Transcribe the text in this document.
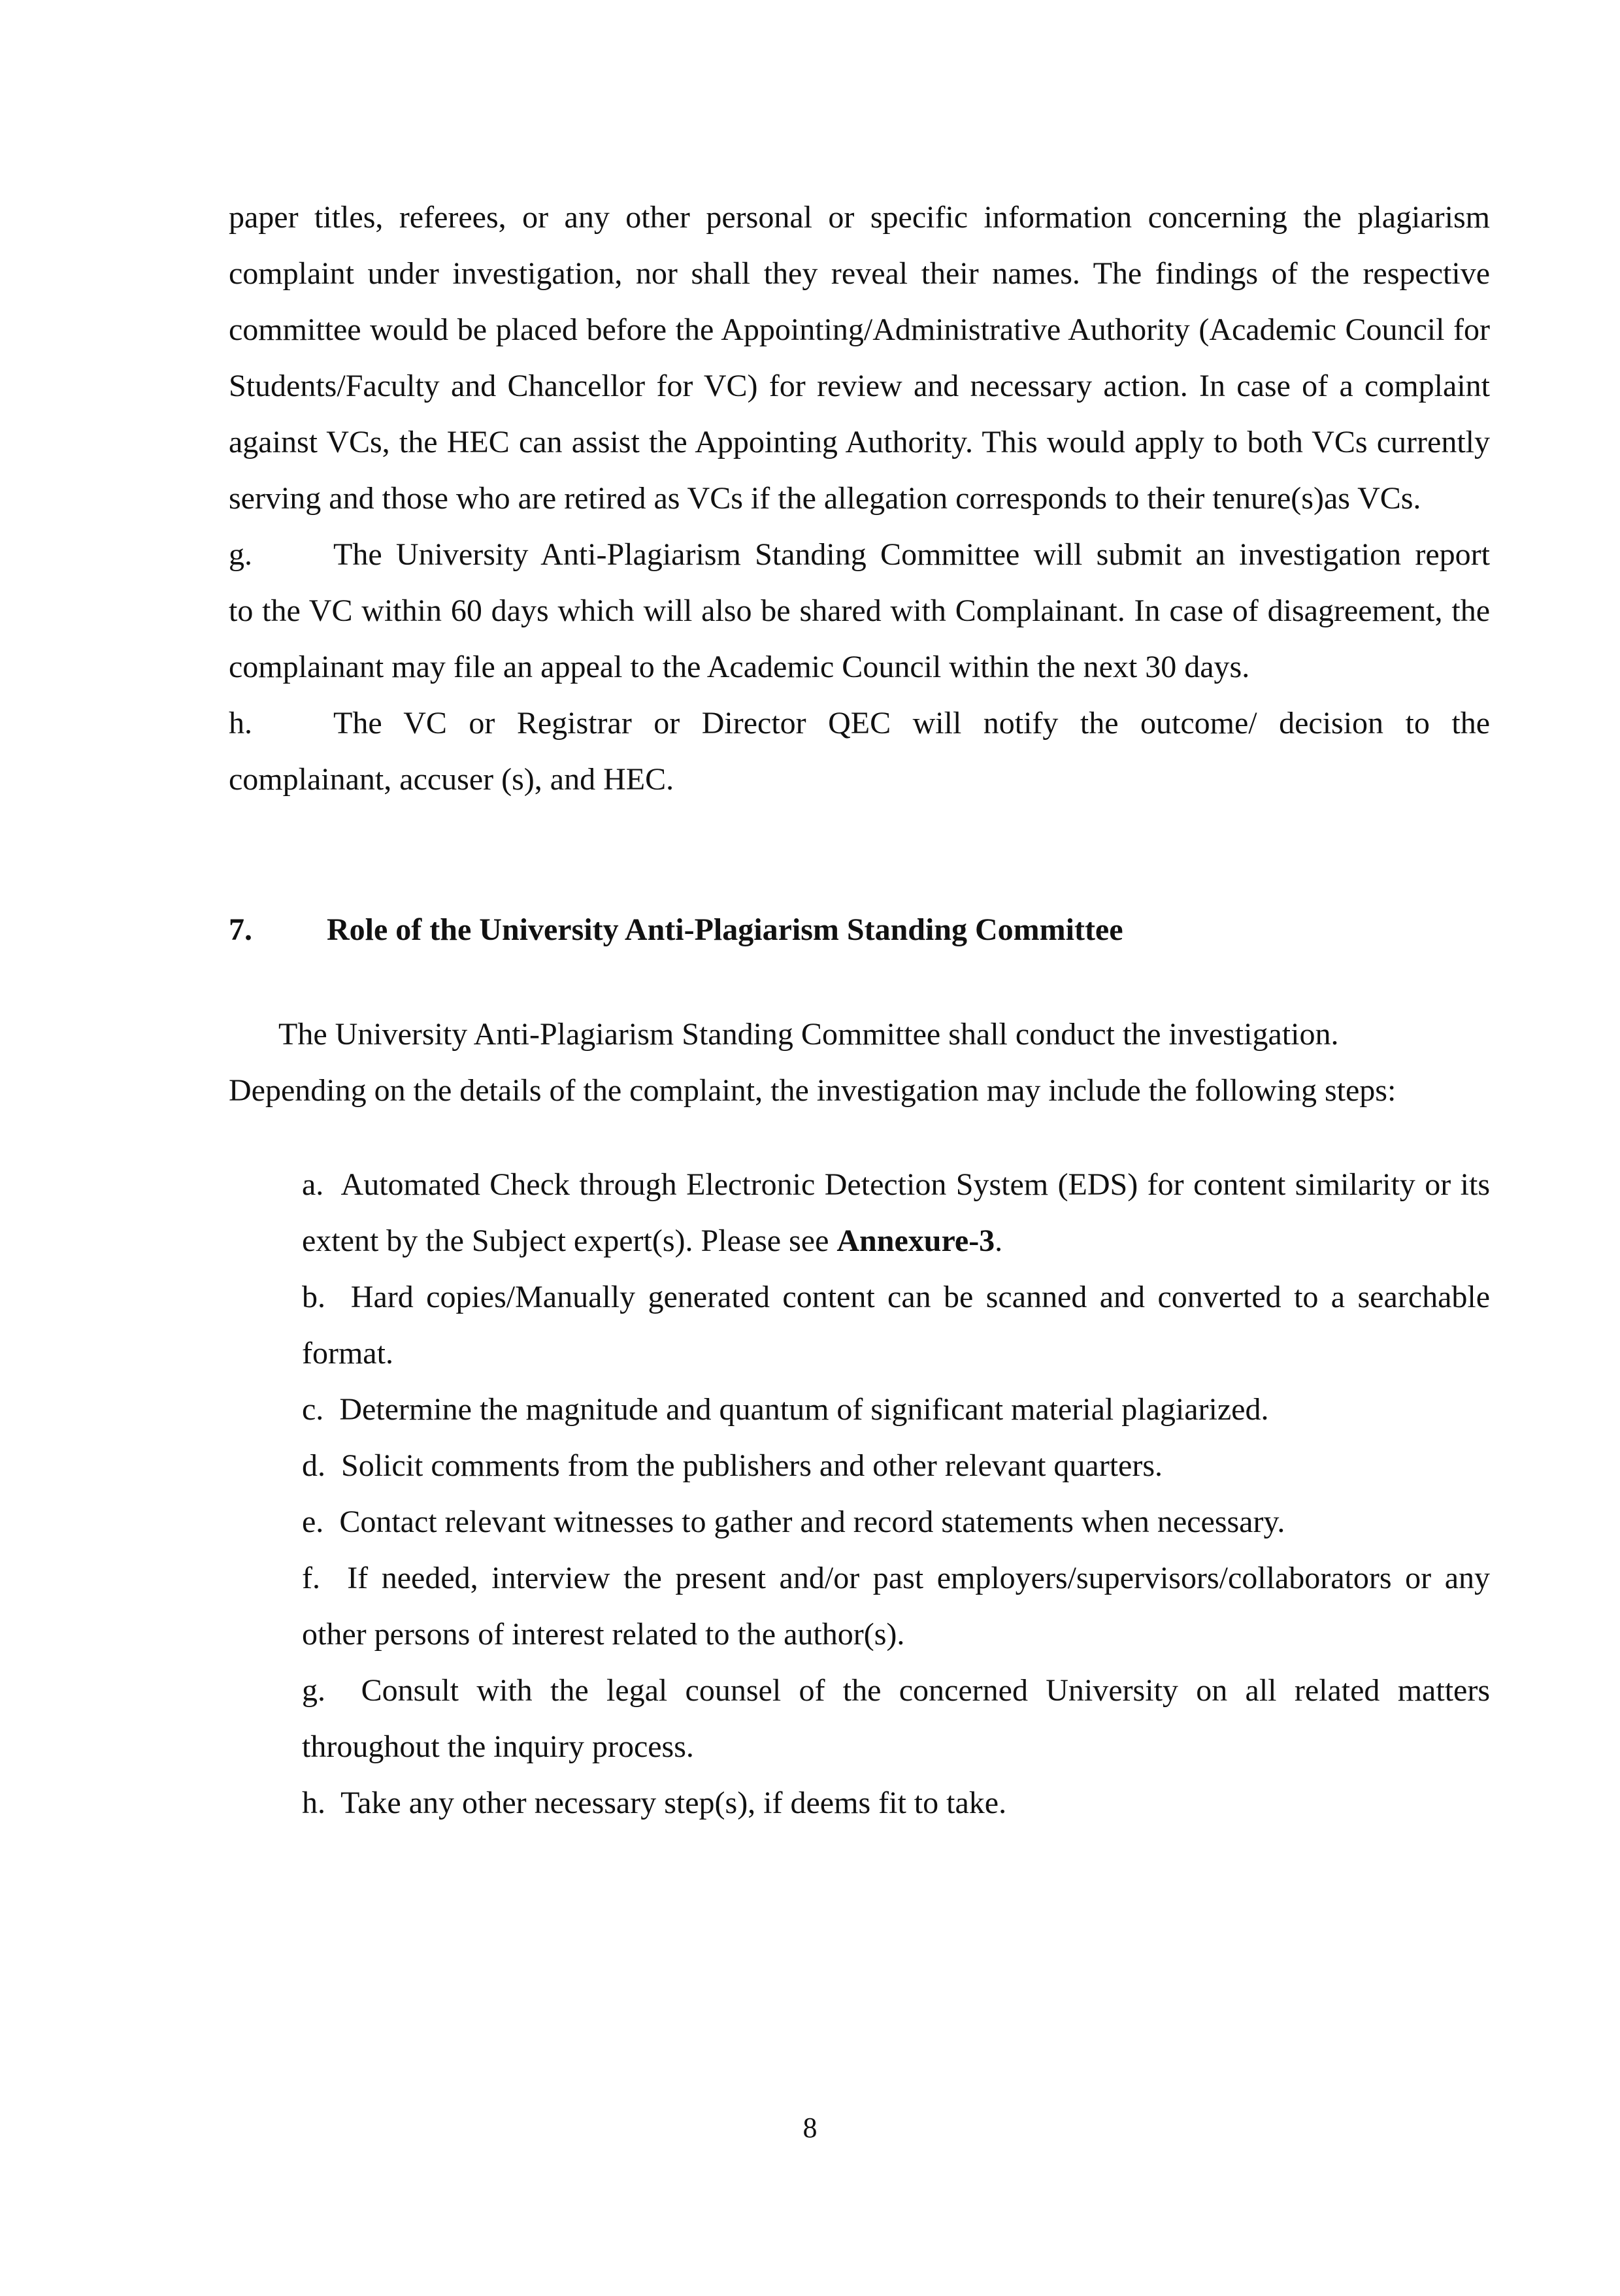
paper titles, referees, or any other personal or specific information concerning the plagiarism complaint under investigation, nor shall they reveal their names. The findings of the respective committee would be placed before the Appointing/Administrative Authority (Academic Council for Students/Faculty and Chancellor for VC) for review and necessary action. In case of a complaint against VCs, the HEC can assist the Appointing Authority. This would apply to both VCs currently serving and those who are retired as VCs if the allegation corresponds to their tenure(s)as VCs.

g.	The University Anti-Plagiarism Standing Committee will submit an investigation report

to the VC within 60 days which will also be shared with Complainant. In case of disagreement, the complainant may file an appeal to the Academic Council within the next 30 days.

h.	The VC or Registrar or Director QEC will notify the outcome/ decision to the

complainant, accuser (s), and HEC.

7.	Role of the University Anti-Plagiarism Standing Committee

The University Anti-Plagiarism Standing Committee shall conduct the investigation.

Depending on the details of the complaint, the investigation may include the following steps:

a. Automated Check through Electronic Detection System (EDS) for content similarity or its extent by the Subject expert(s). Please see Annexure-3.

b. Hard copies/Manually generated content can be scanned and converted to a searchable format.

c. Determine the magnitude and quantum of significant material plagiarized.

d. Solicit comments from the publishers and other relevant quarters.

e. Contact relevant witnesses to gather and record statements when necessary.

f. If needed, interview the present and/or past employers/supervisors/collaborators or any other persons of interest related to the author(s).

g. Consult with the legal counsel of the concerned University on all related matters throughout the inquiry process.

h. Take any other necessary step(s), if deems fit to take.

8
